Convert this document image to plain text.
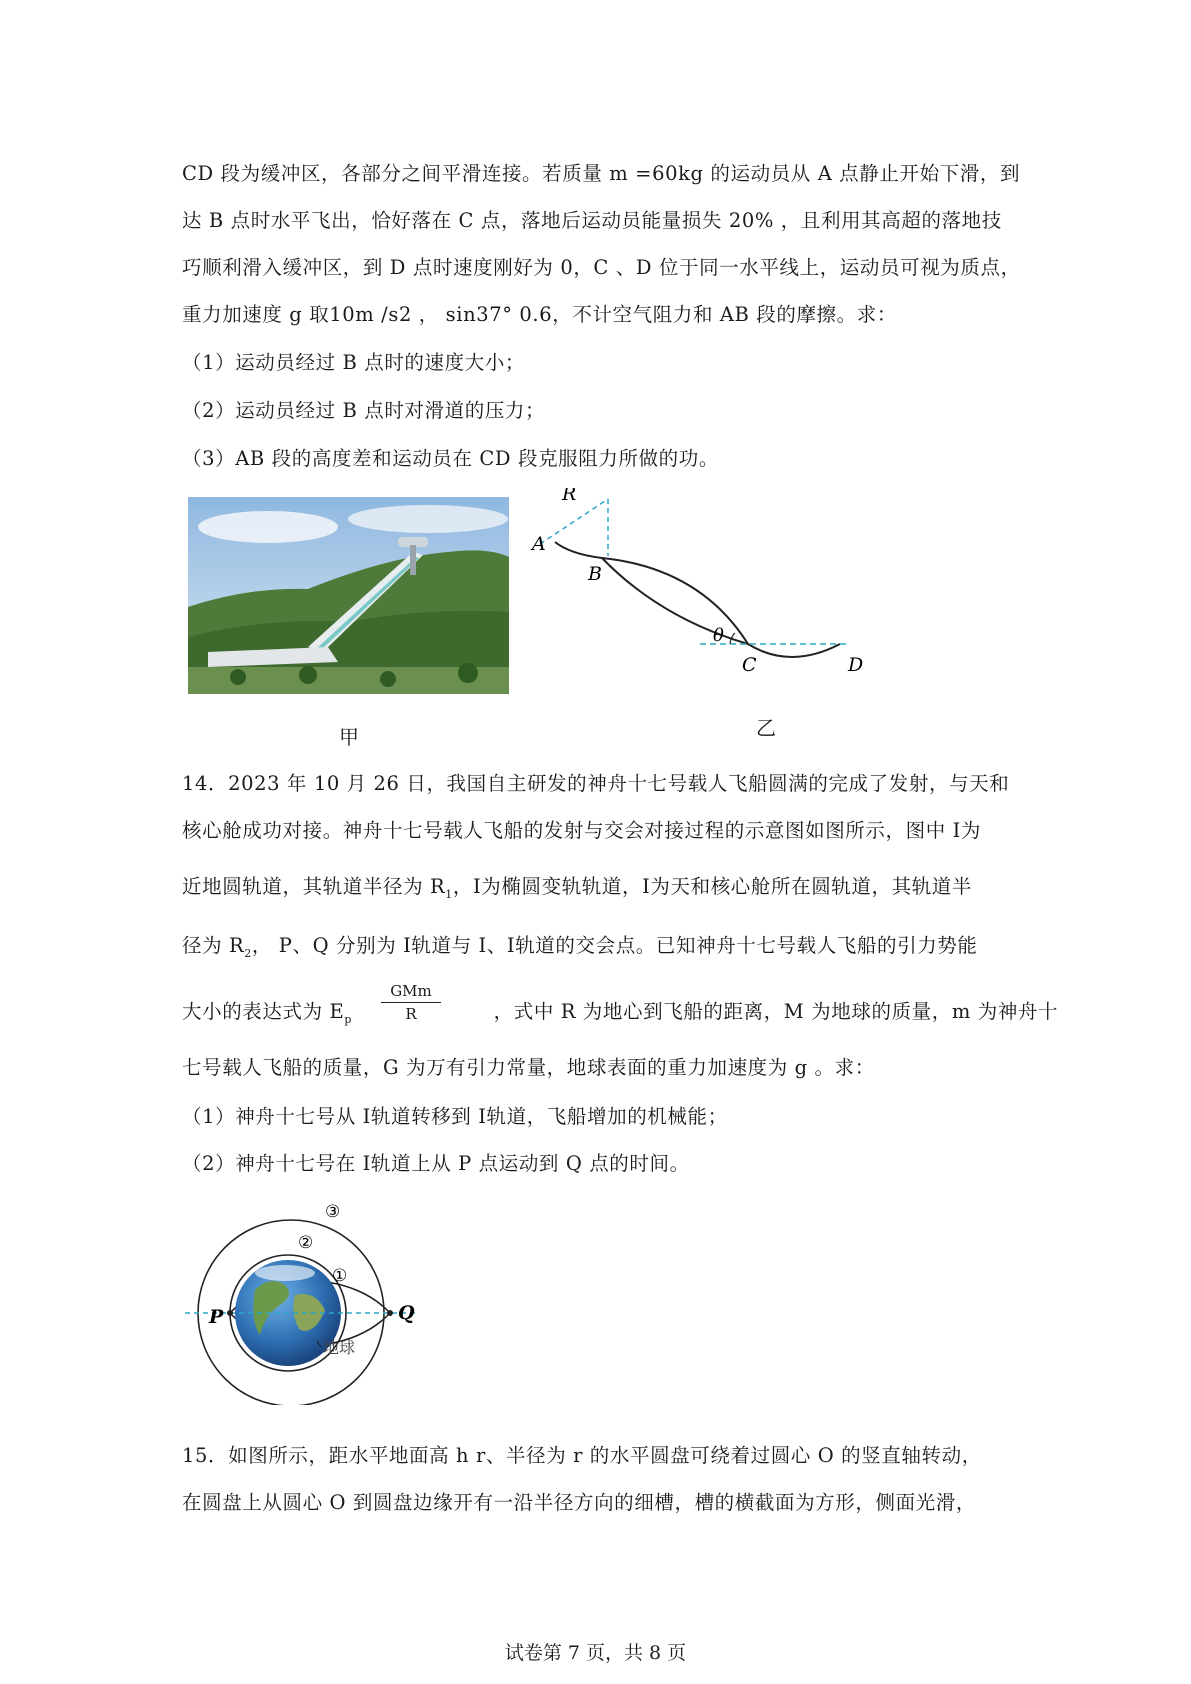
CD 段为缓冲区，各部分之间平滑连接。若质量 m =60kg 的运动员从 A 点静止开始下滑，到
达 B 点时水平飞出，恰好落在 C 点，落地后运动员能量损失 20% ，且利用其高超的落地技
巧顺利滑入缓冲区，到 D 点时速度刚好为 0，C 、D 位于同一水平线上，运动员可视为质点，
重力加速度 g 取10m /s2 ， sin37° 0.6，不计空气阻力和 AB 段的摩擦。求：
（1）运动员经过 B 点时的速度大小；
（2）运动员经过 B 点时对滑道的压力；
（3）AB 段的高度差和运动员在 CD 段克服阻力所做的功。
甲
R
A
B
θ
C	D
乙
14．2023 年 10 月 26 日，我国自主研发的神舟十七号载人飞船圆满的完成了发射，与天和
核心舱成功对接。神舟十七号载人飞船的发射与交会对接过程的示意图如图所示，图中 Ⅰ为
近地圆轨道，其轨道半径为 $R_1$，Ⅰ为椭圆变轨轨道，Ⅰ为天和核心舱所在圆轨道，其轨道半
径为 $R_2$， P、Q 分别为 Ⅰ轨道与 Ⅰ、Ⅰ轨道的交会点。已知神舟十七号载人飞船的引力势能
大小的表达式为 $E_p$	，式中 R 为地心到飞船的距离，M 为地球的质量，m 为神舟十
GMm
R
七号载人飞船的质量，G 为万有引力常量，地球表面的重力加速度为 g 。求：
（1）神舟十七号从 Ⅰ轨道转移到 Ⅰ轨道，飞船增加的机械能；
（2）神舟十七号在 Ⅰ轨道上从 P 点运动到 Q 点的时间。
③
②
①
P	Q
地球
15．如图所示，距水平地面高 h r、半径为 r 的水平圆盘可绕着过圆心 O 的竖直轴转动，
在圆盘上从圆心 O 到圆盘边缘开有一沿半径方向的细槽，槽的横截面为方形，侧面光滑，
试卷第 7 页，共 8 页
